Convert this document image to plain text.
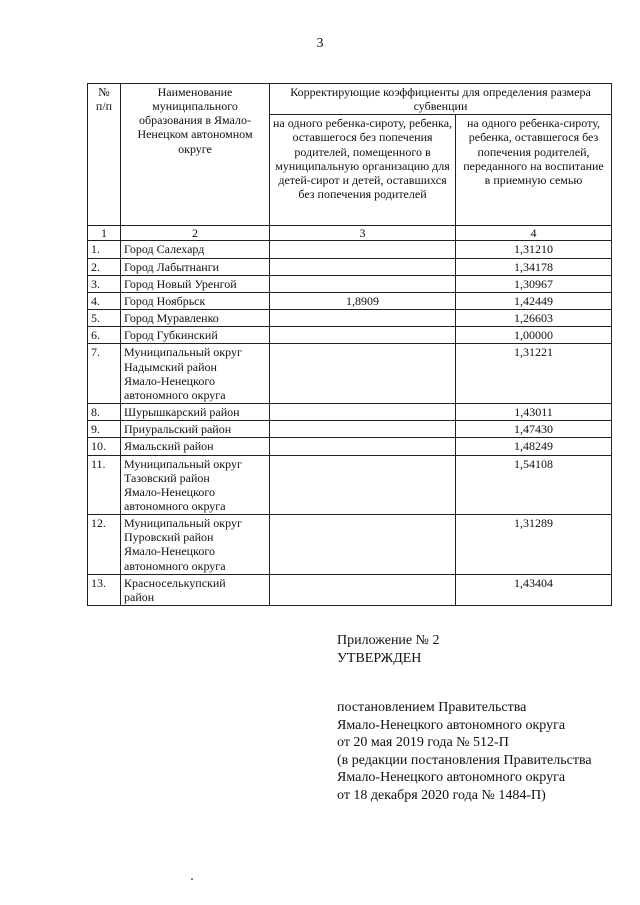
3
№
п/п	Наименование муниципального образования в Ямало-Ненецком автономном округе	Корректирующие коэффициенты для определения размера субвенции	
		на одного ребенка-сироту, ребенка, оставшегося без попечения родителей, помещенного в муниципальную организацию для детей-сирот и детей, оставшихся без попечения родителей	на одного ребенка-сироту, ребенка, оставшегося без попечения родителей, переданного на воспитание в приемную семью
1	2	3	4
1.	Город Салехард		1,31210
2.	Город Лабытнанги		1,34178
3.	Город Новый Уренгой		1,30967
4.	Город Ноябрьск	1,8909	1,42449
5.	Город Муравленко		1,26603
6.	Город Губкинский		1,00000
7.	Муниципальный округ
Надымский район
Ямало-Ненецкого
автономного округа		1,31221
8.	Шурышкарский район		1,43011
9.	Приуральский район		1,47430
10.	Ямальский район		1,48249
11.	Муниципальный округ
Тазовский район
Ямало-Ненецкого
автономного округа		1,54108
12.	Муниципальный округ
Пуровский район
Ямало-Ненецкого
автономного округа		1,31289
13.	Красноселькупский
район		1,43404
Приложение № 2
УТВЕРЖДЕН
постановлением Правительства
Ямало-Ненецкого автономного округа
от 20 мая 2019 года № 512-П
(в редакции постановления Правительства
Ямало-Ненецкого автономного округа
от 18 декабря 2020 года № 1484-П)
